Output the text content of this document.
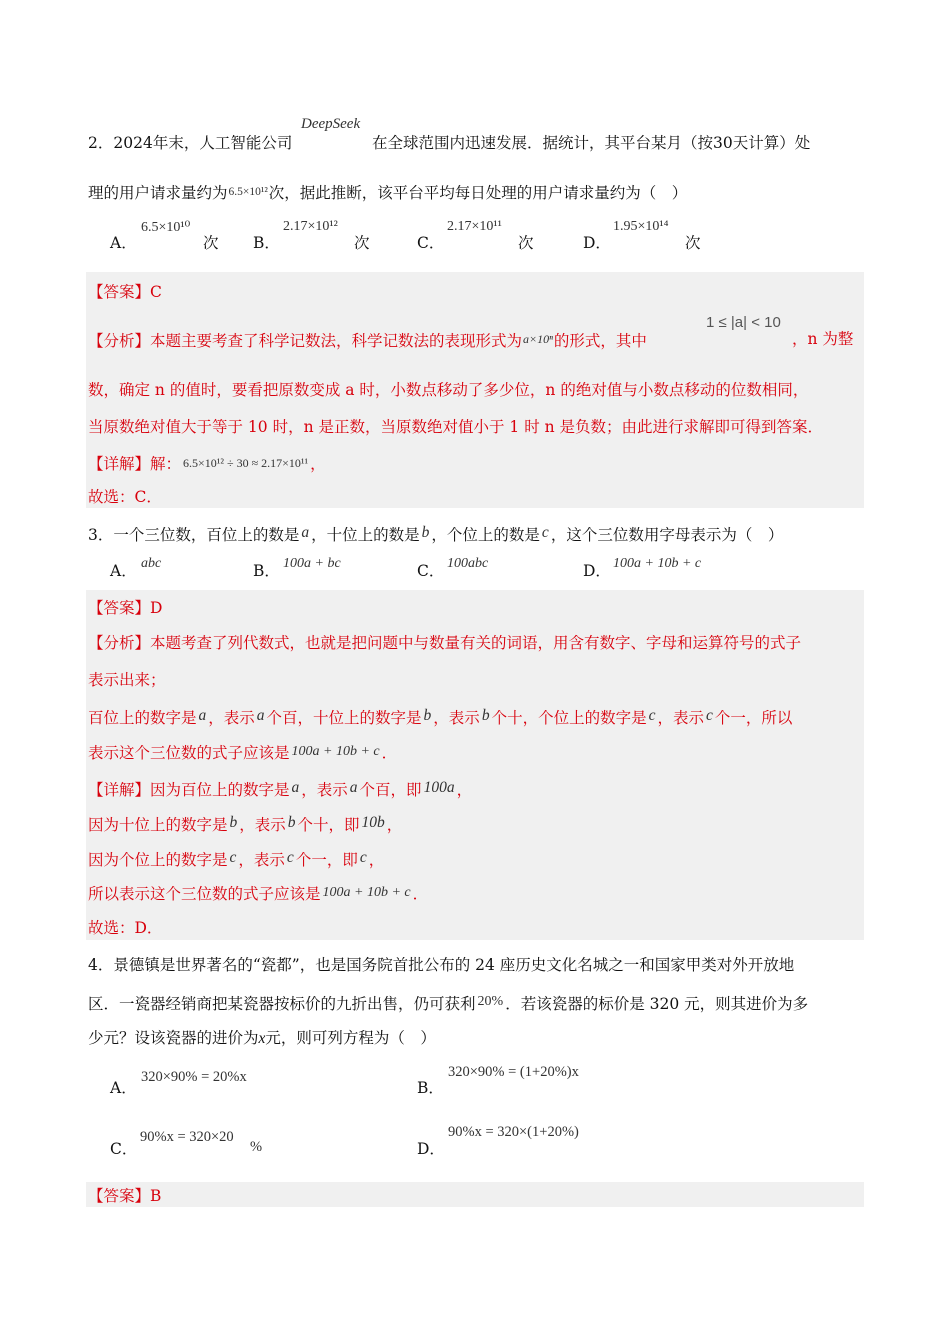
2．2024年末，人工智能公司
DeepSeek
在全球范围内迅速发展．据统计，其平台某月（按30天计算）处
理的用户请求量约为6.5×10¹²次，据此推断，该平台平均每日处理的用户请求量约为（　）
A．
6.5×10¹⁰
次 B．
2.17×10¹²
次	C．
2.17×10¹¹
次	D．
1.95×10¹⁴
次
【答案】C
【分析】本题主要考查了科学记数法，科学记数法的表现形式为a×10ⁿ的形式，其中
1 ≤ |a| < 10
，n 为整
数，确定 n 的值时，要看把原数变成 a 时，小数点移动了多少位，n 的绝对值与小数点移动的位数相同，
当原数绝对值大于等于 10 时，n 是正数，当原数绝对值小于 1 时 n 是负数；由此进行求解即可得到答案．
【详解】解： 6.5×10¹² ÷ 30 ≈ 2.17×10¹¹ ，
故选：C．
3．一个三位数，百位上的数是 a ，十位上的数是 b ，个位上的数是 c ，这个三位数用字母表示为（　）
A． abc	B． 100a + bc	C． 100abc	D． 100a + 10b + c
【答案】D
【分析】本题考查了列代数式，也就是把问题中与数量有关的词语，用含有数字、字母和运算符号的式子
表示出来；
百位上的数字是 a ，表示 a 个百，十位上的数字是 b ，表示 b 个十，个位上的数字是 c ，表示 c 个一，所以
表示这个三位数的式子应该是 100a + 10b + c ．
【详解】因为百位上的数字是 a ，表示 a 个百，即 100a ，
因为十位上的数字是 b ，表示 b 个十，即 10b ，
因为个位上的数字是 c ，表示 c 个一，即 c ，
所以表示这个三位数的式子应该是 100a + 10b + c ．
故选：D．
4．景德镇是世界著名的“瓷都”，也是国务院首批公布的 24 座历史文化名城之一和国家甲类对外开放地
区．一瓷器经销商把某瓷器按标价的九折出售，仍可获利 20% ．若该瓷器的标价是 320 元，则其进价为多
少元？设该瓷器的进价为x元，则可列方程为（　）
A．
320×90% = 20%x
B．
320×90% = (1+20%)x
C．
90%x = 320×20
%	D．
90%x = 320×(1+20%)
【答案】B
